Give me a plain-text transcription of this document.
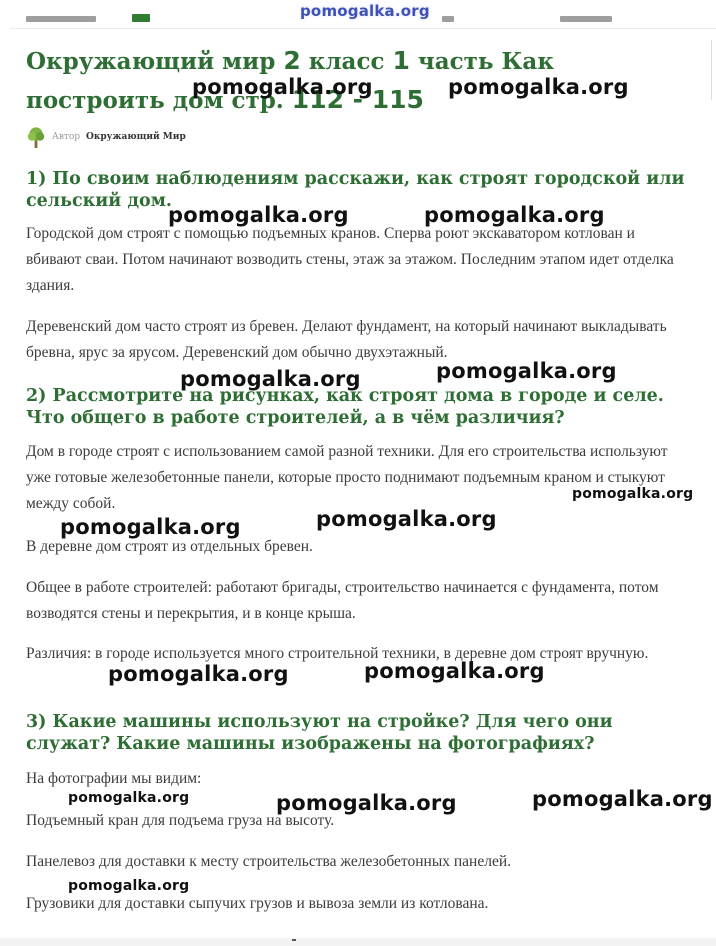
Окружающий мир 2 класс 1 часть Как построить дом стр. 112 - 115
Автор Окружающий Мир
1) По своим наблюдениям расскажи, как строят городской или сельский дом.

Городской дом строят с помощью подъемных кранов. Сперва роют экскаватором котлован и вбивают сваи. Потом начинают возводить стены, этаж за этажом. Последним этапом идет отделка здания.

Деревенский дом часто строят из бревен. Делают фундамент, на который начинают выкладывать бревна, ярус за ярусом. Деревенский дом обычно двухэтажный.

2) Рассмотрите на рисунках, как строят дома в городе и селе. Что общего в работе строителей, а в чём различия?

Дом в городе строят с использованием самой разной техники. Для его строительства используют уже готовые железобетонные панели, которые просто поднимают подъемным краном и стыкуют между собой.

В деревне дом строят из отдельных бревен.

Общее в работе строителей: работают бригады, строительство начинается с фундамента, потом возводятся стены и перекрытия, и в конце крыша.

Различия: в городе используется много строительной техники, в деревне дом строят вручную.

3) Какие машины используют на стройке? Для чего они служат? Какие машины изображены на фотографиях?

На фотографии мы видим:

Подъемный кран для подъема груза на высоту.

Панелевоз для доставки к месту строительства железобетонных панелей.

Грузовики для доставки сыпучих грузов и вывоза земли из котлована.

pomogalka.org
pomogalka.org	pomogalka.org
pomogalka.org	pomogalka.org
pomogalka.org	pomogalka.org
pomogalka.org
pomogalka.org	pomogalka.org
pomogalka.org	pomogalka.org
pomogalka.org	pomogalka.org	pomogalka.org
pomogalka.org
